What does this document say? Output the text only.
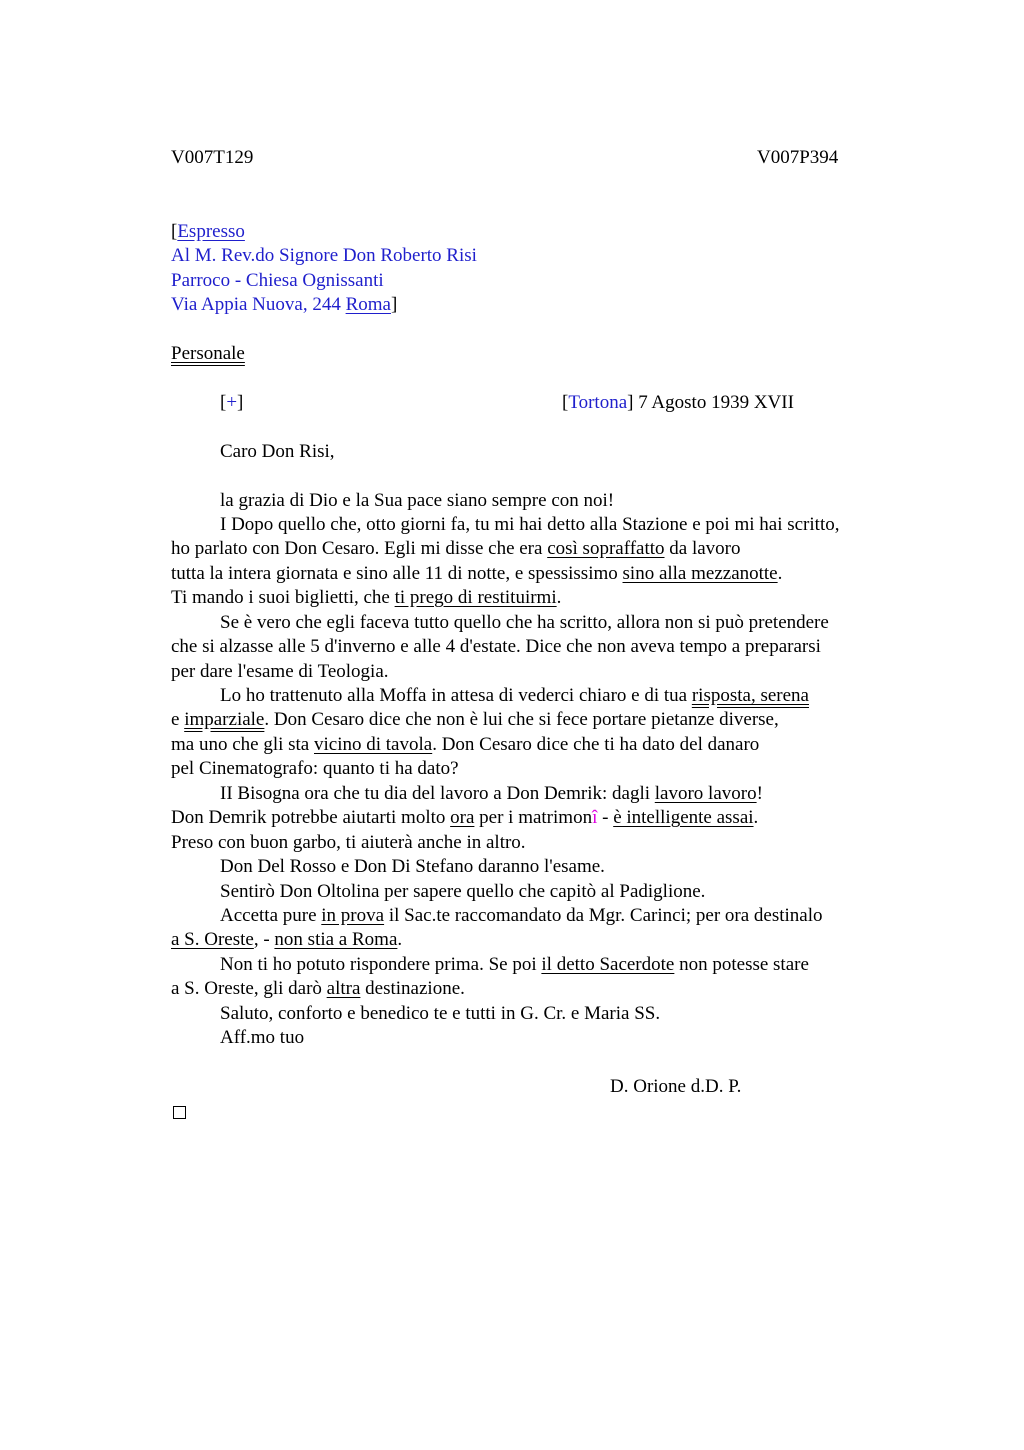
V007T129	V007P394
[Espresso
Al M. Rev.do Signore Don Roberto Risi
Parroco - Chiesa Ognissanti
Via Appia Nuova, 244 Roma]
Personale
[+]	[Tortona] 7 Agosto 1939 XVII
Caro Don Risi,
la grazia di Dio e la Sua pace siano sempre con noi!
I Dopo quello che, otto giorni fa, tu mi hai detto alla Stazione e poi mi hai scritto,
ho parlato con Don Cesaro. Egli mi disse che era così sopraffatto da lavoro
tutta la intera giornata e sino alle 11 di notte, e spessissimo sino alla mezzanotte.
Ti mando i suoi biglietti, che ti prego di restituirmi.
Se è vero che egli faceva tutto quello che ha scritto, allora non si può pretendere
che si alzasse alle 5 d'inverno e alle 4 d'estate. Dice che non aveva tempo a prepararsi
per dare l'esame di Teologia.
Lo ho trattenuto alla Moffa in attesa di vederci chiaro e di tua risposta, serena
e imparziale. Don Cesaro dice che non è lui che si fece portare pietanze diverse,
ma uno che gli sta vicino di tavola. Don Cesaro dice che ti ha dato del danaro
pel Cinematografo: quanto ti ha dato?
II Bisogna ora che tu dia del lavoro a Don Demrik: dagli lavoro lavoro!
Don Demrik potrebbe aiutarti molto ora per i matrimonî - è intelligente assai.
Preso con buon garbo, ti aiuterà anche in altro.
Don Del Rosso e Don Di Stefano daranno l'esame.
Sentirò Don Oltolina per sapere quello che capitò al Padiglione.
Accetta pure in prova il Sac.te raccomandato da Mgr. Carinci; per ora destinalo
a S. Oreste, - non stia a Roma.
Non ti ho potuto rispondere prima. Se poi il detto Sacerdote non potesse stare
a S. Oreste, gli darò altra destinazione.
Saluto, conforto e benedico te e tutti in G. Cr. e Maria SS.
Aff.mo tuo
D. Orione d.D. P.
